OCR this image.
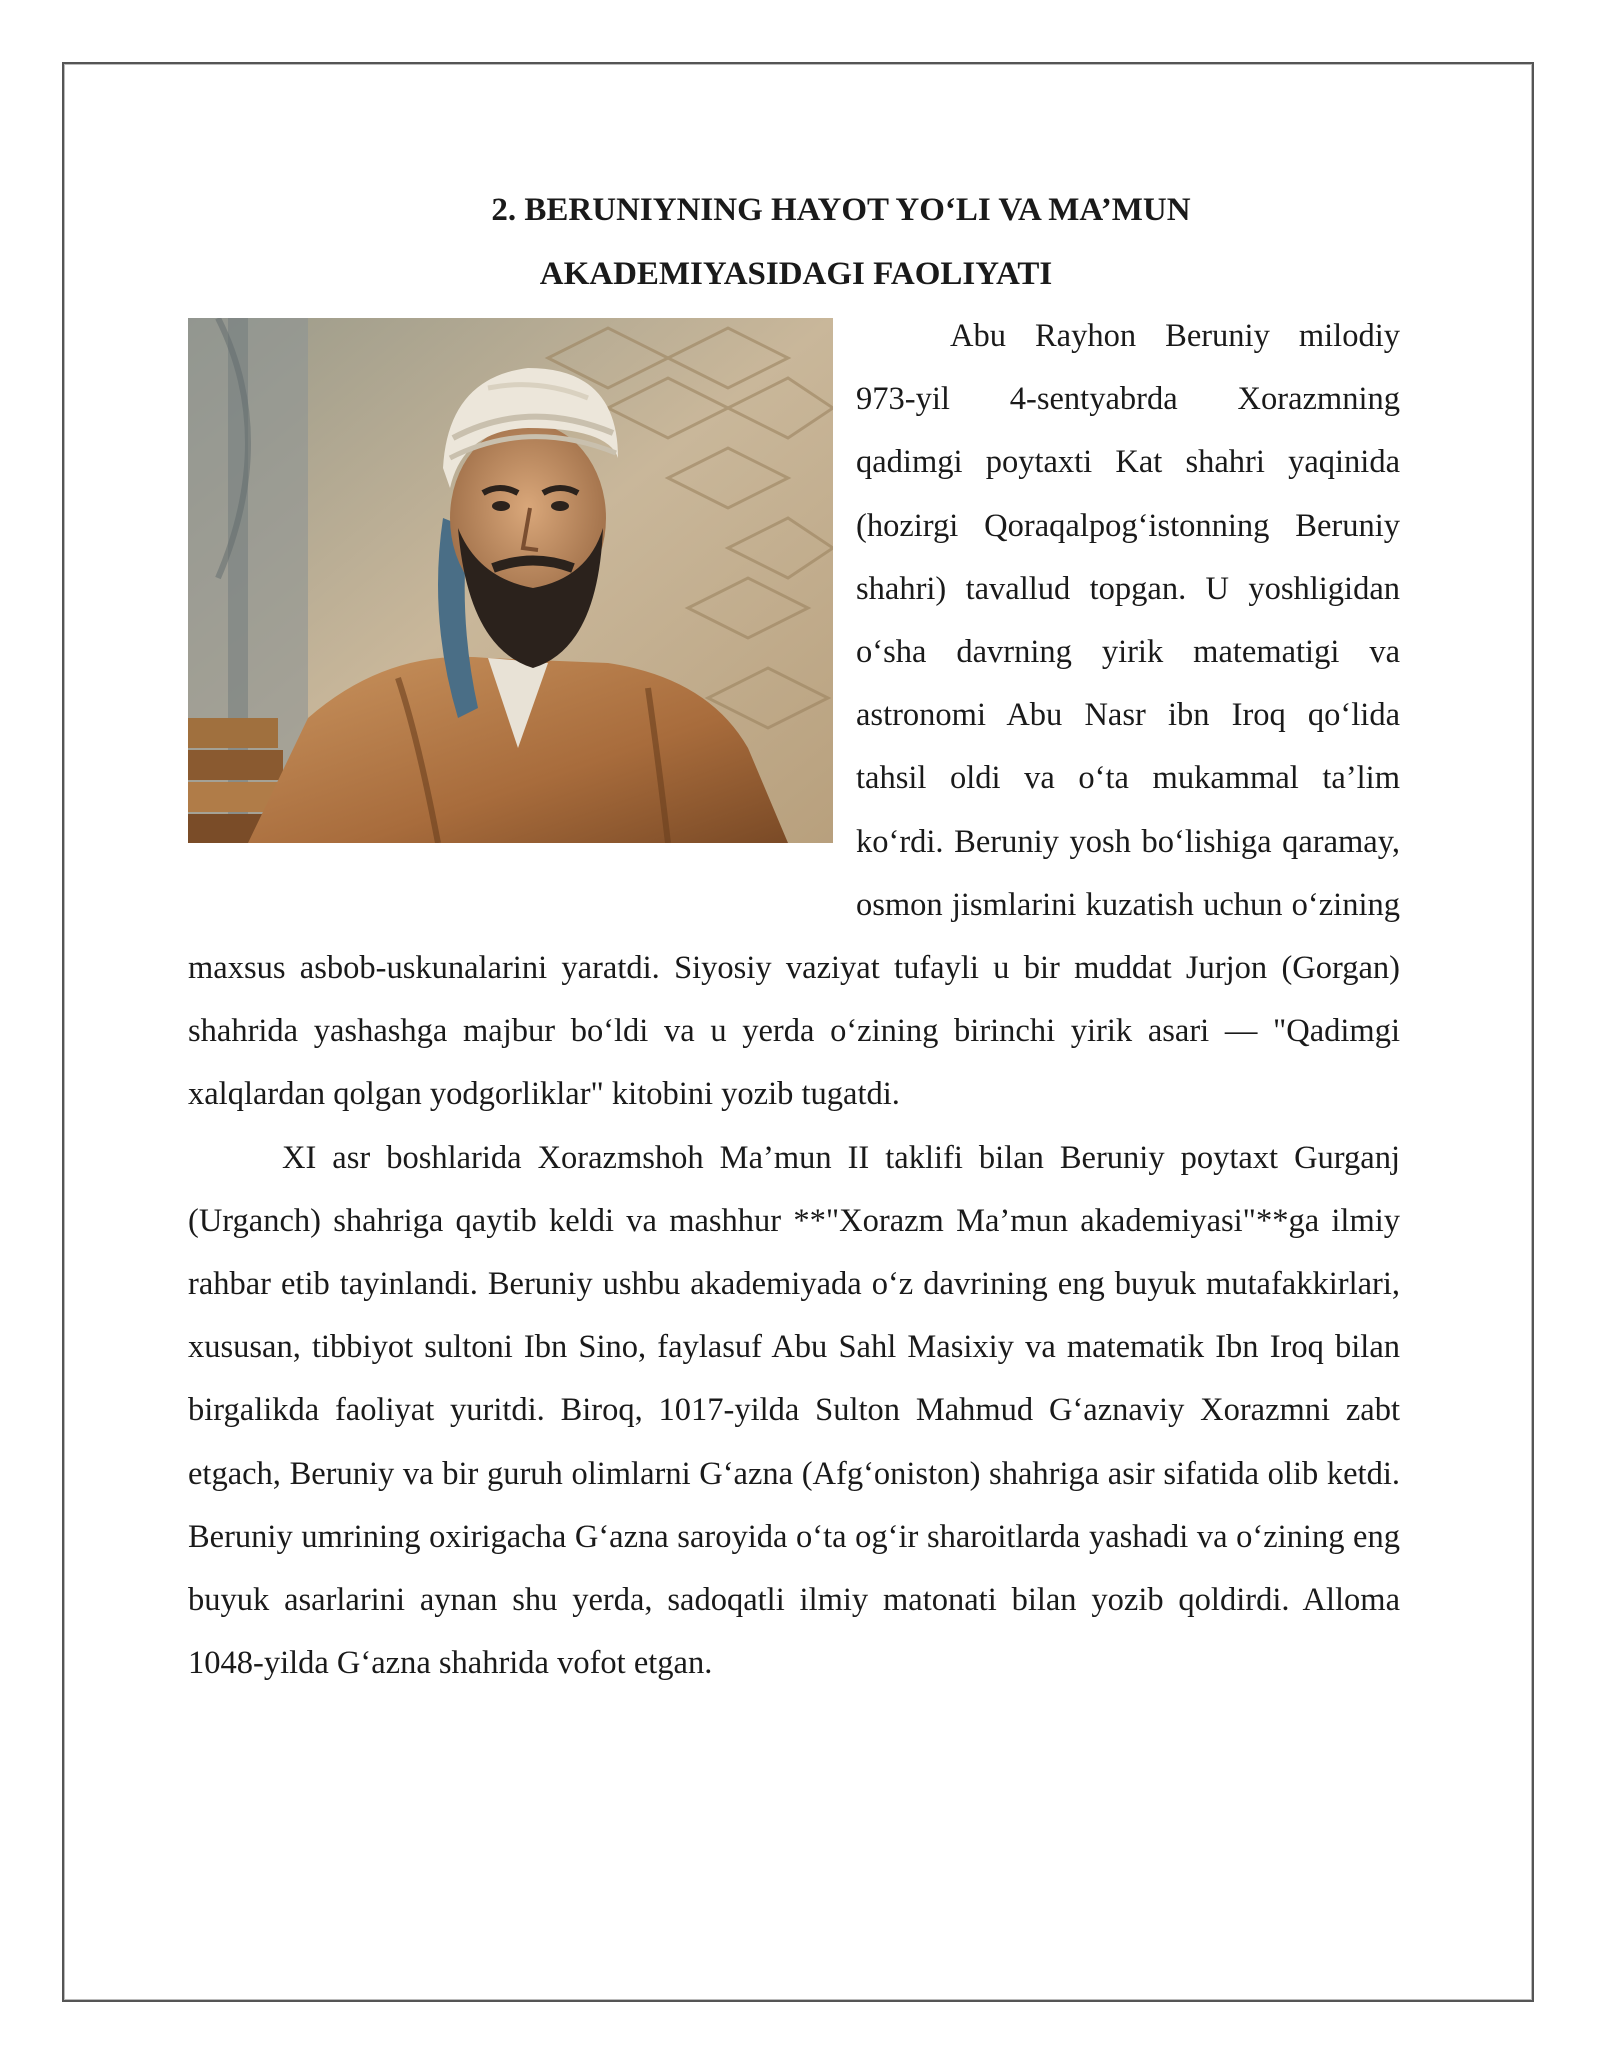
2. BERUNIYNING HAYOT YO‘LI VA MA’MUN
AKADEMIYASIDAGI FAOLIYATI

Abu Rayhon Beruniy milodiy 973-yil 4-sentyabrda Xorazmning qadimgi poytaxti Kat shahri yaqinida (hozirgi Qoraqalpog‘istonning Beruniy shahri) tavallud topgan. U yoshligidan o‘sha davrning yirik matematigi va astronomi Abu Nasr ibn Iroq qo‘lida tahsil oldi va o‘ta mukammal ta’lim ko‘rdi. Beruniy yosh bo‘lishiga qaramay, osmon jismlarini kuzatish uchun o‘zining maxsus asbob-uskunalarini yaratdi. Siyosiy vaziyat tufayli u bir muddat Jurjon (Gorgan) shahrida yashashga majbur bo‘ldi va u yerda o‘zining birinchi yirik asari — "Qadimgi xalqlardan qolgan yodgorliklar" kitobini yozib tugatdi.

XI asr boshlarida Xorazmshoh Ma’mun II taklifi bilan Beruniy poytaxt Gurganj (Urganch) shahriga qaytib keldi va mashhur **"Xorazm Ma’mun akademiyasi"**ga ilmiy rahbar etib tayinlandi. Beruniy ushbu akademiyada o‘z davrining eng buyuk mutafakkirlari, xususan, tibbiyot sultoni Ibn Sino, faylasuf Abu Sahl Masixiy va matematik Ibn Iroq bilan birgalikda faoliyat yuritdi. Biroq, 1017-yilda Sulton Mahmud G‘aznaviy Xorazmni zabt etgach, Beruniy va bir guruh olimlarni G‘azna (Afg‘oniston) shahriga asir sifatida olib ketdi. Beruniy umrining oxirigacha G‘azna saroyida o‘ta og‘ir sharoitlarda yashadi va o‘zining eng buyuk asarlarini aynan shu yerda, sadoqatli ilmiy matonati bilan yozib qoldirdi. Alloma 1048-yilda G‘azna shahrida vofot etgan.
